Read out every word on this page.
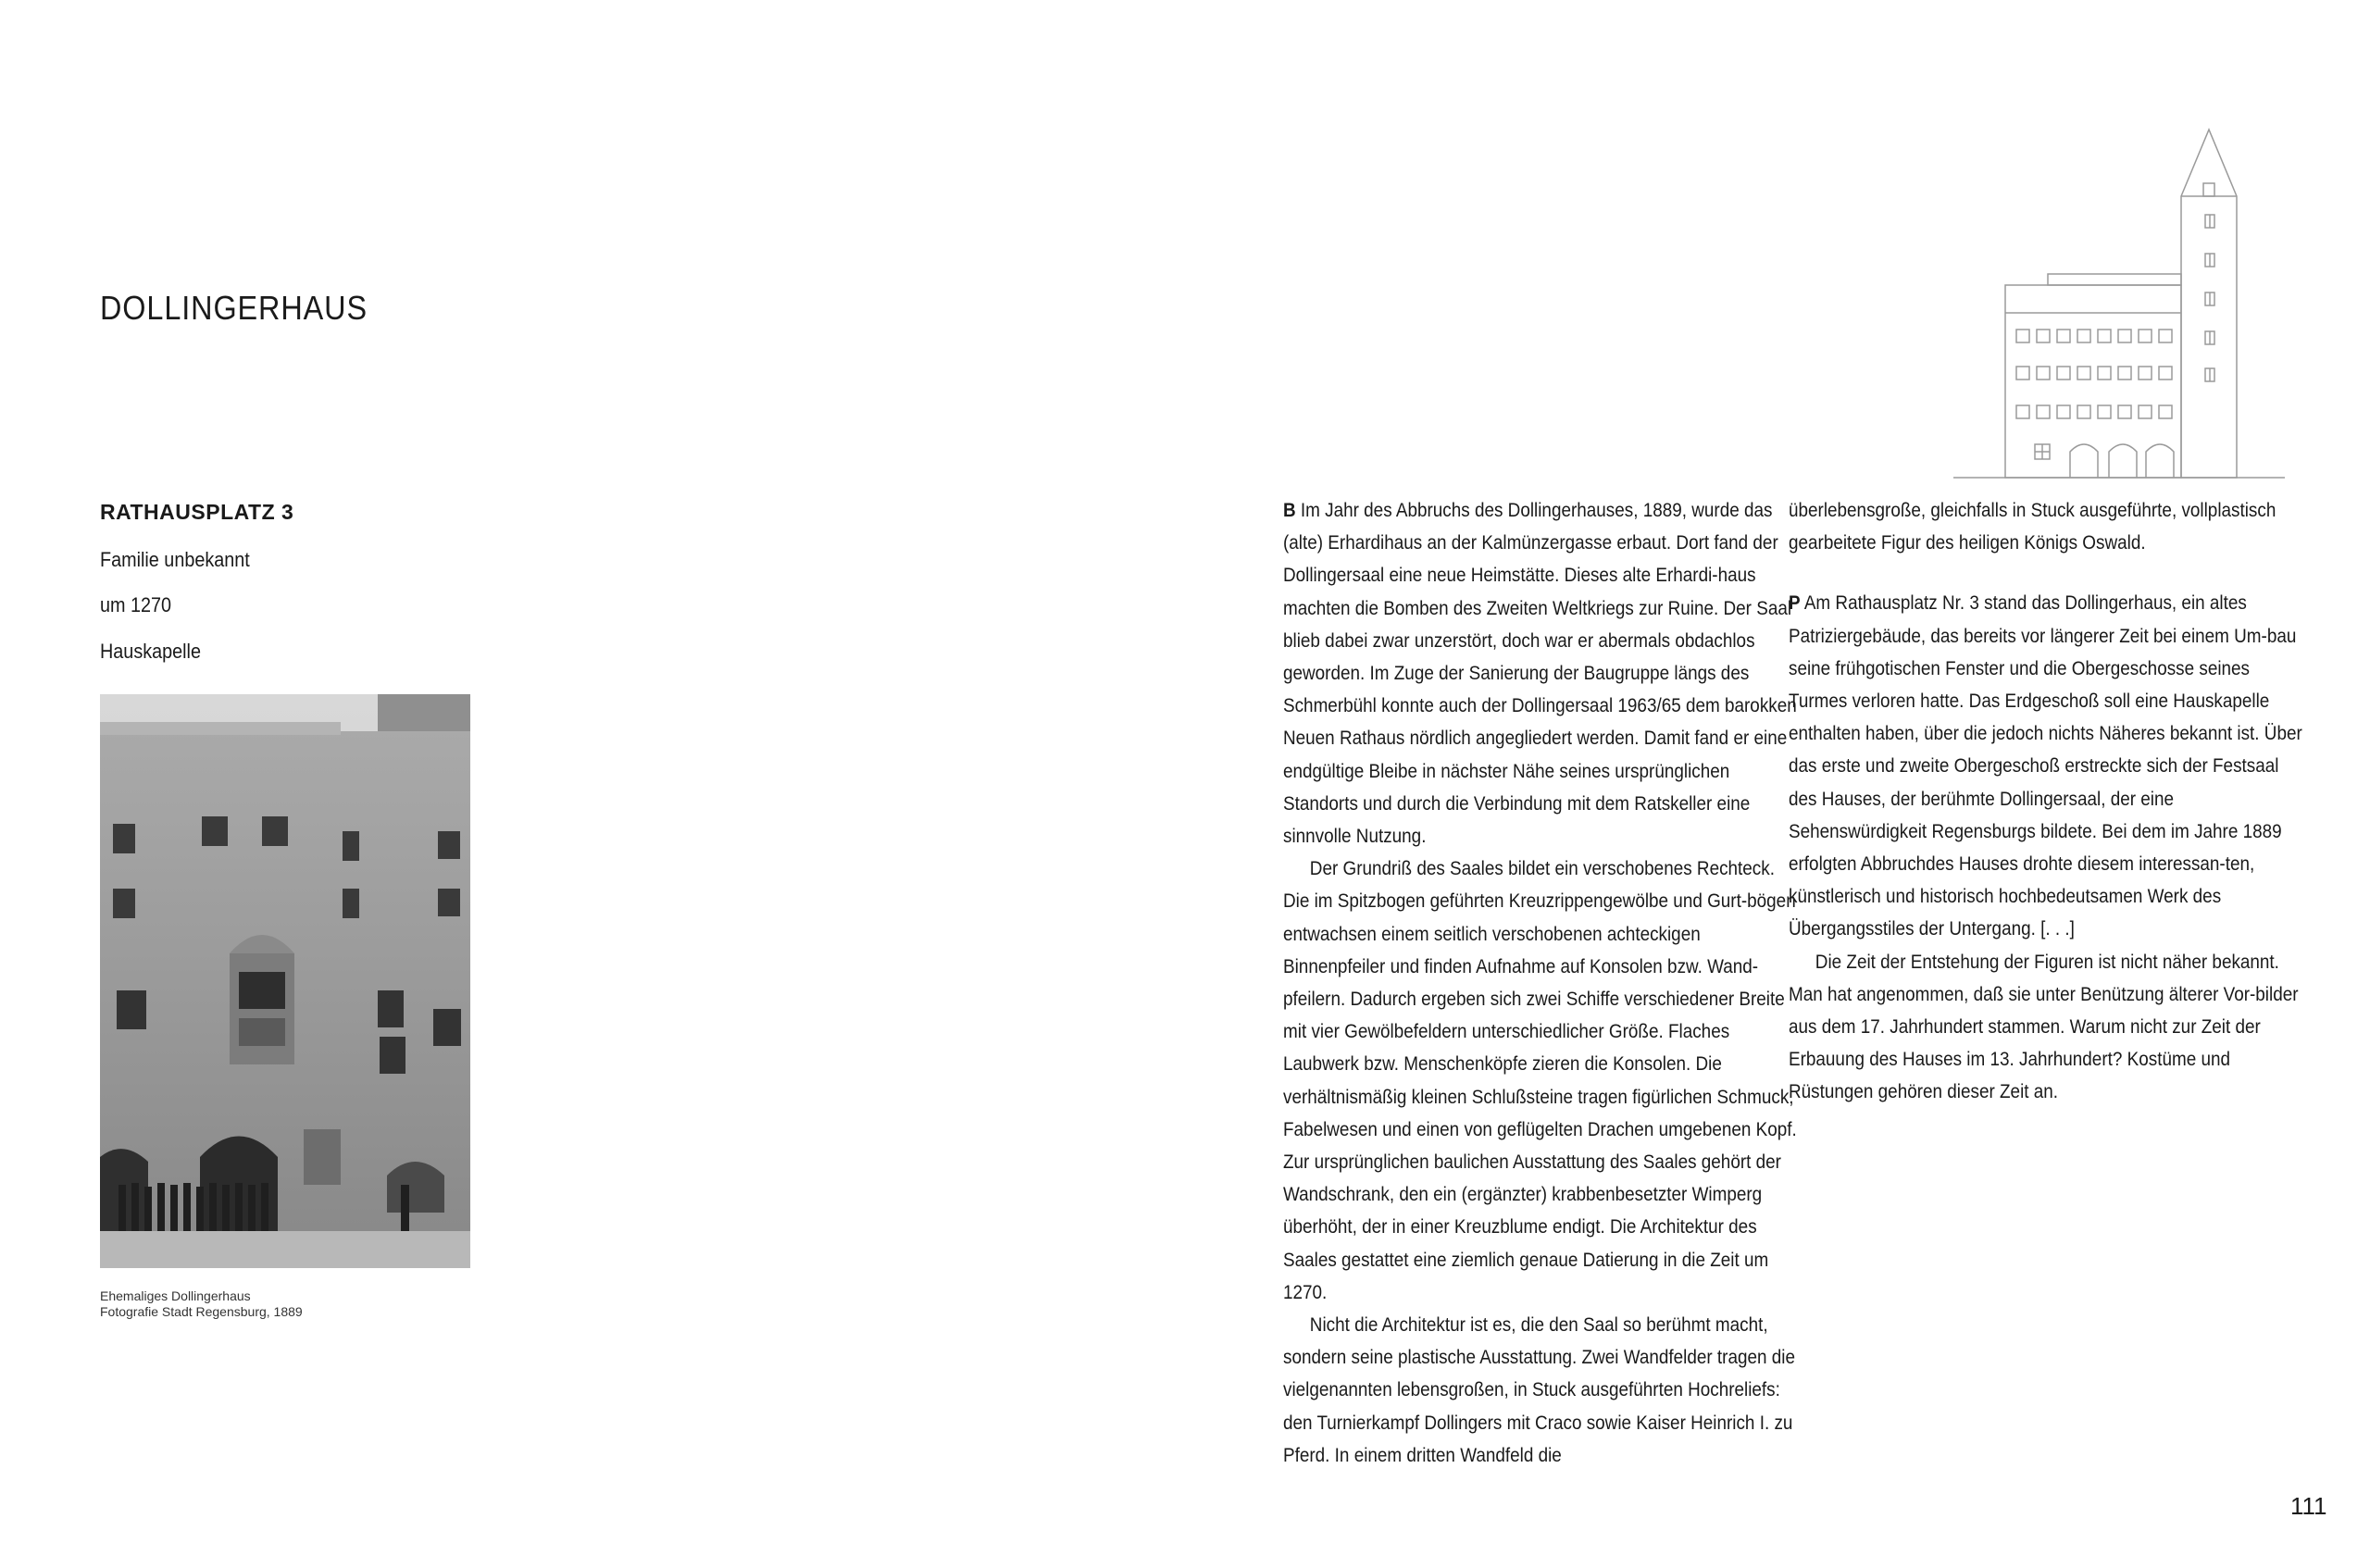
DOLLINGERHAUS
RATHAUSPLATZ 3
Familie unbekannt
um 1270
Hauskapelle
Ehemaliges Dollingerhaus
Fotografie Stadt Regensburg, 1889

B Im Jahr des Abbruchs des Dollingerhauses, 1889, wurde das (alte) Erhardihaus an der Kalmünzergasse erbaut. Dort fand der Dollingersaal eine neue Heimstätte. Dieses alte Erhardi-haus machten die Bomben des Zweiten Weltkriegs zur Ruine. Der Saal blieb dabei zwar unzerstört, doch war er abermals obdachlos geworden. Im Zuge der Sanierung der Baugruppe längs des Schmerbühl konnte auch der Dollingersaal 1963/65 dem barokken Neuen Rathaus nördlich angegliedert werden. Damit fand er eine endgültige Bleibe in nächster Nähe seines ursprünglichen Standorts und durch die Verbindung mit dem Ratskeller eine sinnvolle Nutzung.

Der Grundriß des Saales bildet ein verschobenes Rechteck. Die im Spitzbogen geführten Kreuzrippengewölbe und Gurt-bögen entwachsen einem seitlich verschobenen achteckigen Binnenpfeiler und finden Aufnahme auf Konsolen bzw. Wand-pfeilern. Dadurch ergeben sich zwei Schiffe verschiedener Breite mit vier Gewölbefeldern unterschiedlicher Größe. Flaches Laubwerk bzw. Menschenköpfe zieren die Konsolen. Die verhältnismäßig kleinen Schlußsteine tragen figürlichen Schmuck, Fabelwesen und einen von geflügelten Drachen umgebenen Kopf. Zur ursprünglichen baulichen Ausstattung des Saales gehört der Wandschrank, den ein (ergänzter) krabbenbesetzter Wimperg überhöht, der in einer Kreuzblume endigt. Die Architektur des Saales gestattet eine ziemlich genaue Datierung in die Zeit um 1270.

Nicht die Architektur ist es, die den Saal so berühmt macht, sondern seine plastische Ausstattung. Zwei Wandfelder tragen die vielgenannten lebensgroßen, in Stuck ausgeführten Hochreliefs: den Turnierkampf Dollingers mit Craco sowie Kaiser Heinrich I. zu Pferd. In einem dritten Wandfeld die

überlebensgroße, gleichfalls in Stuck ausgeführte, vollplastisch gearbeitete Figur des heiligen Königs Oswald.

P Am Rathausplatz Nr. 3 stand das Dollingerhaus, ein altes Patriziergebäude, das bereits vor längerer Zeit bei einem Um-bau seine frühgotischen Fenster und die Obergeschosse seines Turmes verloren hatte. Das Erdgeschoß soll eine Hauskapelle enthalten haben, über die jedoch nichts Näheres bekannt ist. Über das erste und zweite Obergeschoß erstreckte sich der Festsaal des Hauses, der berühmte Dollingersaal, der eine Sehenswürdigkeit Regensburgs bildete. Bei dem im Jahre 1889 erfolgten Abbruchdes Hauses drohte diesem interessan-ten, künstlerisch und historisch hochbedeutsamen Werk des Übergangsstiles der Untergang. [. . .]

Die Zeit der Entstehung der Figuren ist nicht näher bekannt. Man hat angenommen, daß sie unter Benützung älterer Vor-bilder aus dem 17. Jahrhundert stammen. Warum nicht zur Zeit der Erbauung des Hauses im 13. Jahrhundert? Kostüme und Rüstungen gehören dieser Zeit an.

111
